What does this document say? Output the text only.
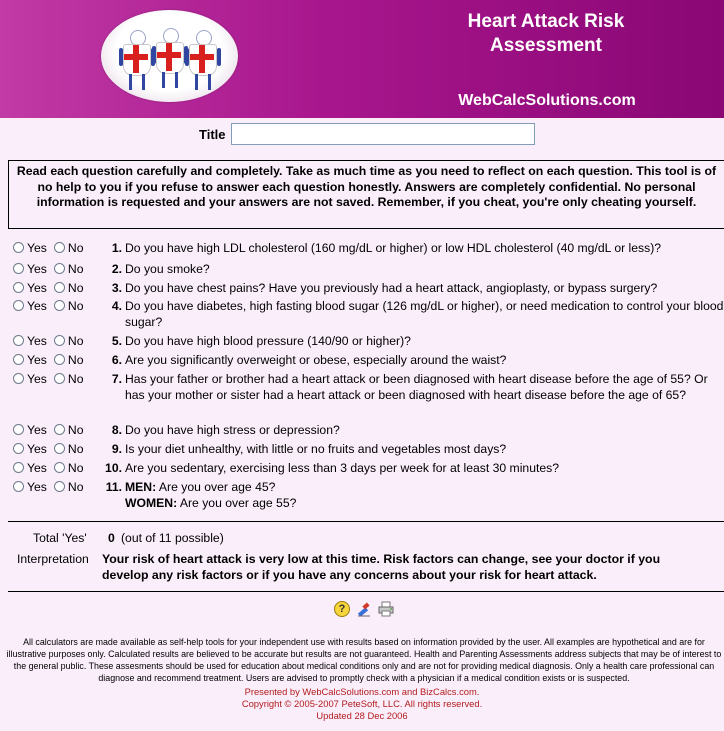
Heart Attack Risk
Assessment
WebCalcSolutions.com
Title
Read each question carefully and completely. Take as much time as you need to reflect on each question. This tool is of no help to you if you refuse to answer each question honestly. Answers are completely confidential. No personal information is requested and your answers are not saved. Remember, if you cheat, you're only cheating yourself.
Yes No	1. Do you have high LDL cholesterol (160 mg/dL or higher) or low HDL cholesterol (40 mg/dL or less)?
Yes No	2. Do you smoke?
Yes No	3. Do you have chest pains? Have you previously had a heart attack, angioplasty, or bypass surgery?
Yes No	4. Do you have diabetes, high fasting blood sugar (126 mg/dL or higher), or need medication to control your blood sugar?
Yes No	5. Do you have high blood pressure (140/90 or higher)?
Yes No	6. Are you significantly overweight or obese, especially around the waist?
Yes No	7. Has your father or brother had a heart attack or been diagnosed with heart disease before the age of 55? Or has your mother or sister had a heart attack or been diagnosed with heart disease before the age of 65?
Yes No	8. Do you have high stress or depression?
Yes No	9. Is your diet unhealthy, with little or no fruits and vegetables most days?
Yes No	10. Are you sedentary, exercising less than 3 days per week for at least 30 minutes?
Yes No	11. MEN: Are you over age 45?
WOMEN: Are you over age 55?
Total 'Yes' 0 (out of 11 possible)
Interpretation Your risk of heart attack is very low at this time. Risk factors can change, see your doctor if you develop any risk factors or if you have any concerns about your risk for heart attack.
?
All calculators are made available as self-help tools for your independent use with results based on information provided by the user. All examples are hypothetical and are for illustrative purposes only. Calculated results are believed to be accurate but results are not guaranteed. Health and Parenting Assessments address subjects that may be of interest to the general public. These assesments should be used for education about medical conditions only and are not for providing medical diagnosis. Only a health care professional can diagnose and recommend treatment. Users are advised to promptly check with a physician if a medical condition exists or is suspected.
Presented by WebCalcSolutions.com and BizCalcs.com.
Copyright © 2005-2007 PeteSoft, LLC. All rights reserved.
Updated 28 Dec 2006
